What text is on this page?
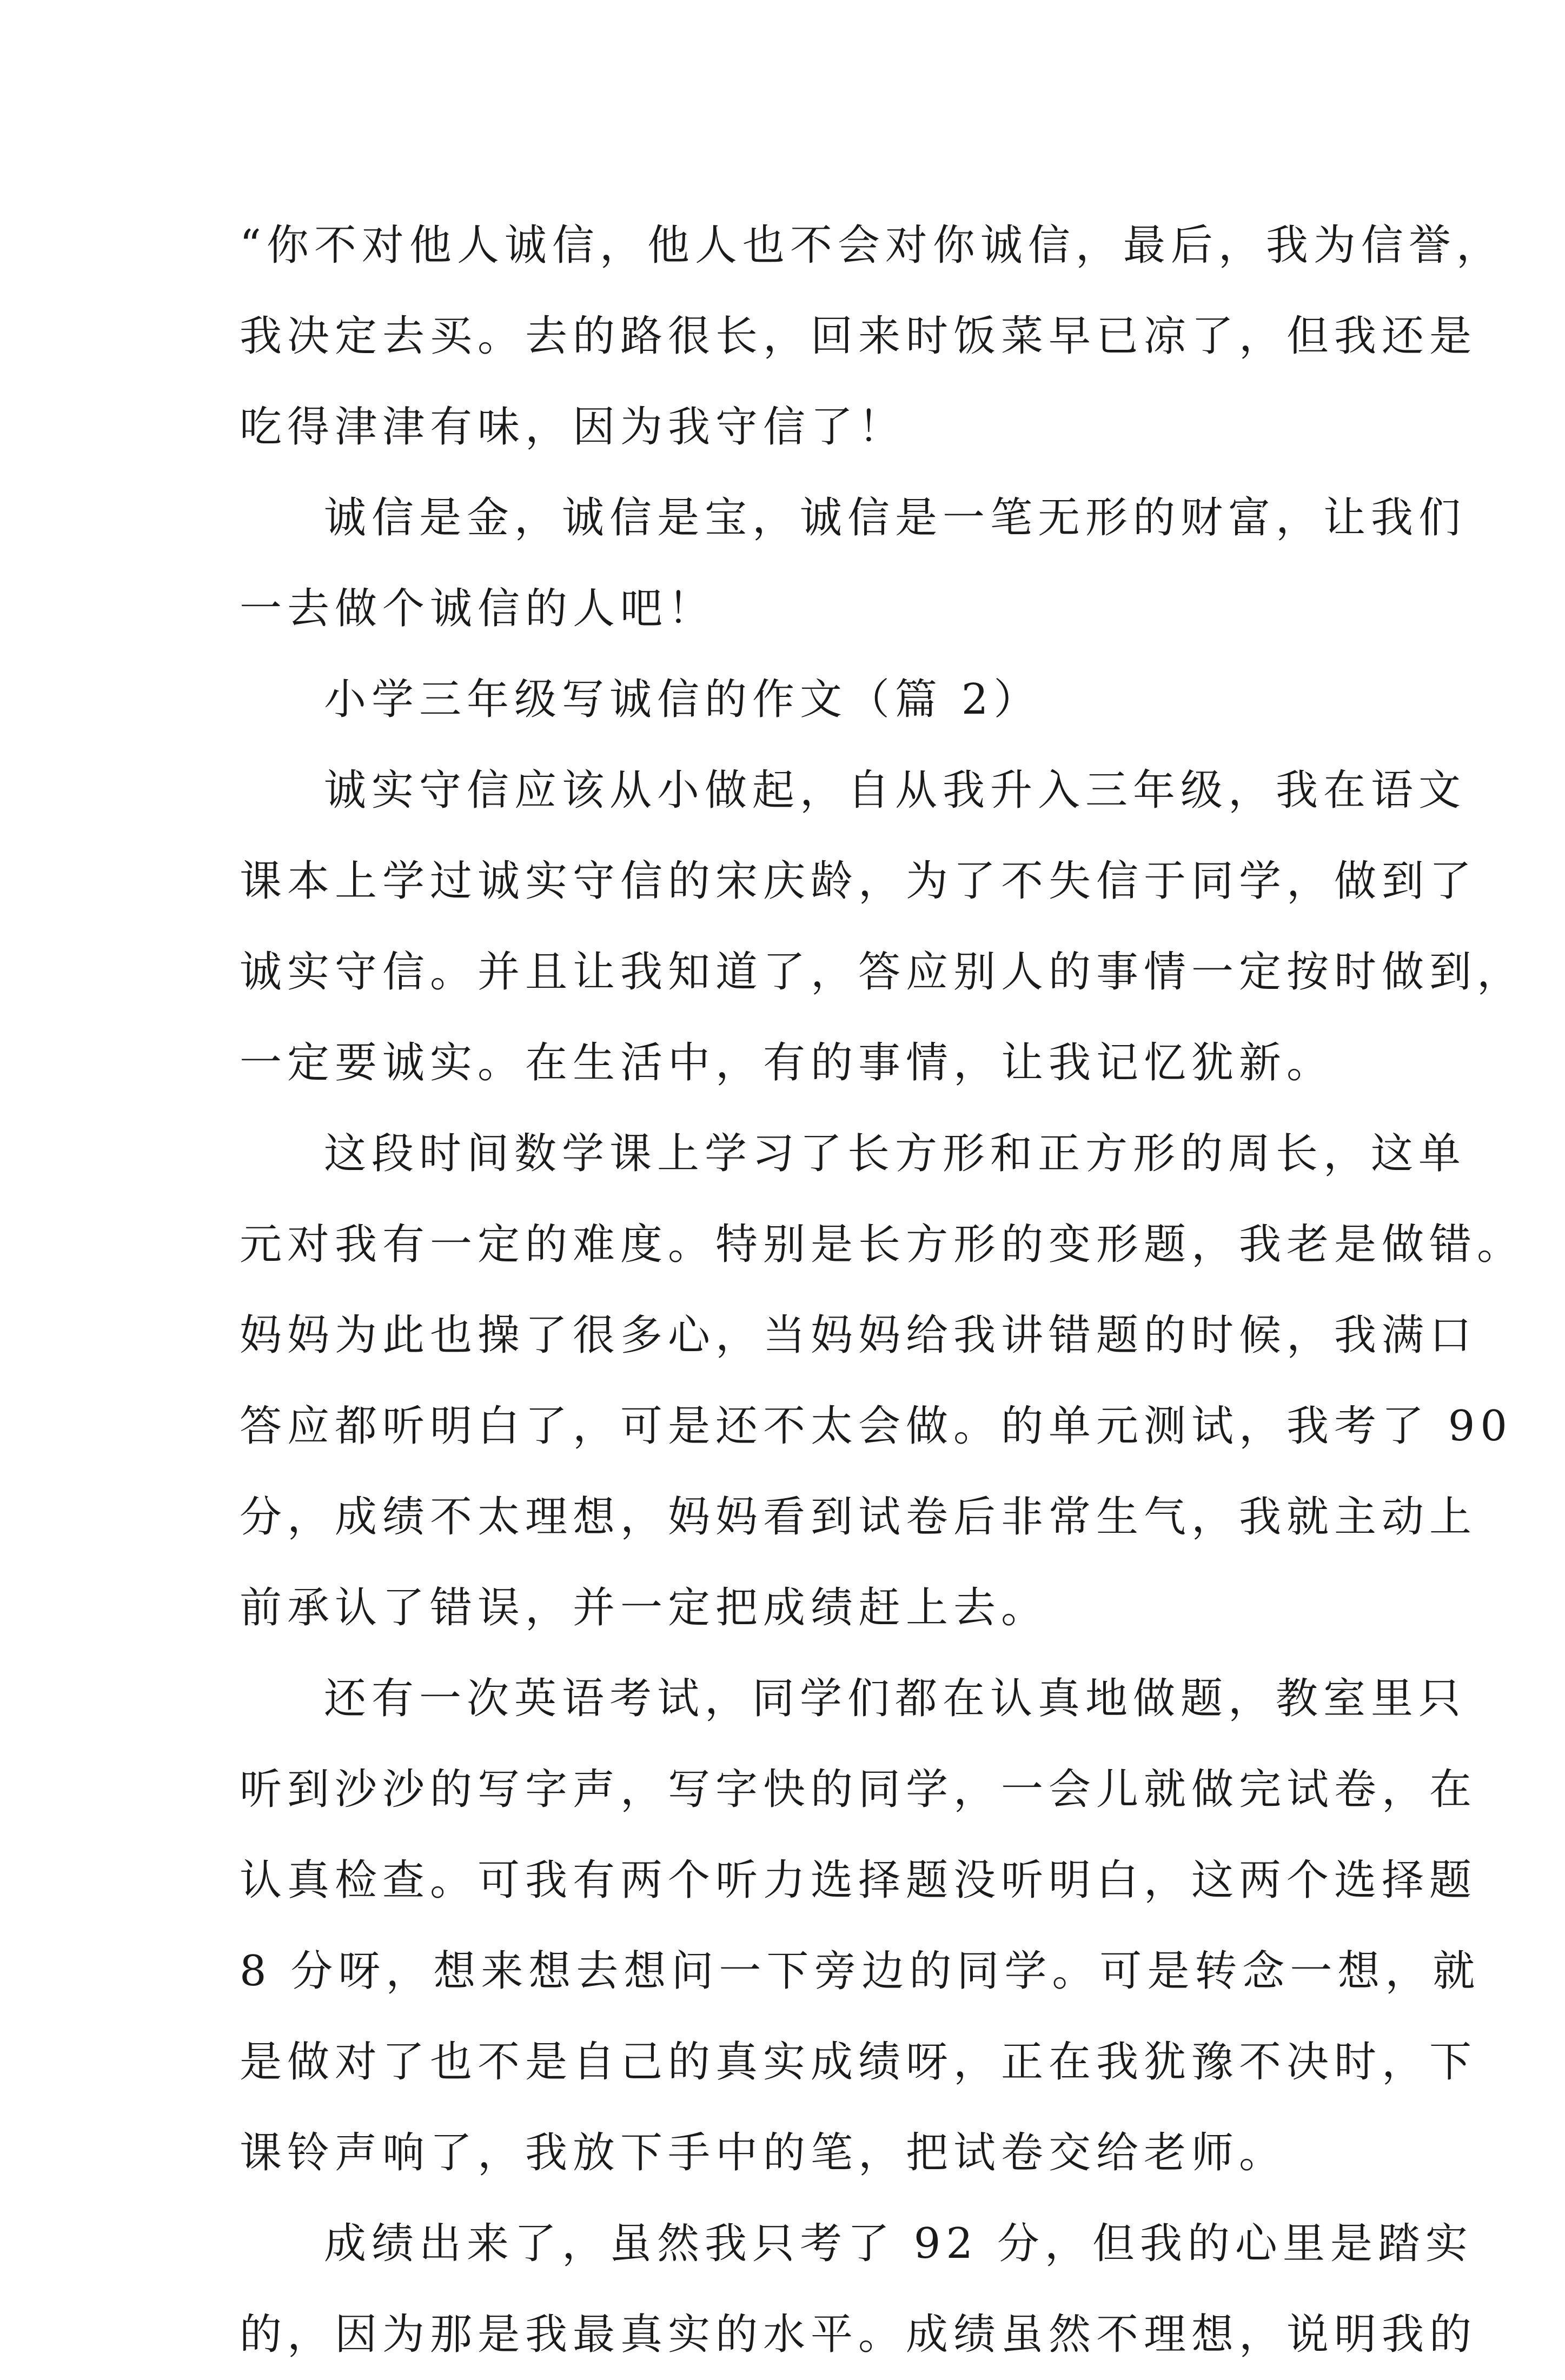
“你不对他人诚信，他人也不会对你诚信，最后，我为信誉，
我决定去买。去的路很长，回来时饭菜早已凉了，但我还是
吃得津津有味，因为我守信了！
诚信是金，诚信是宝，诚信是一笔无形的财富，让我们
一去做个诚信的人吧！
小学三年级写诚信的作文（篇 2）
诚实守信应该从小做起，自从我升入三年级，我在语文
课本上学过诚实守信的宋庆龄，为了不失信于同学，做到了
诚实守信。并且让我知道了，答应别人的事情一定按时做到，
一定要诚实。在生活中，有的事情，让我记忆犹新。
这段时间数学课上学习了长方形和正方形的周长，这单
元对我有一定的难度。特别是长方形的变形题，我老是做错。
妈妈为此也操了很多心，当妈妈给我讲错题的时候，我满口
答应都听明白了，可是还不太会做。的单元测试，我考了 90
分，成绩不太理想，妈妈看到试卷后非常生气，我就主动上
前承认了错误，并一定把成绩赶上去。
还有一次英语考试，同学们都在认真地做题，教室里只
听到沙沙的写字声，写字快的同学，一会儿就做完试卷，在
认真检查。可我有两个听力选择题没听明白，这两个选择题
8 分呀，想来想去想问一下旁边的同学。可是转念一想，就
是做对了也不是自己的真实成绩呀，正在我犹豫不决时，下
课铃声响了，我放下手中的笔，把试卷交给老师。
成绩出来了，虽然我只考了 92 分，但我的心里是踏实
的，因为那是我最真实的水平。成绩虽然不理想，说明我的
